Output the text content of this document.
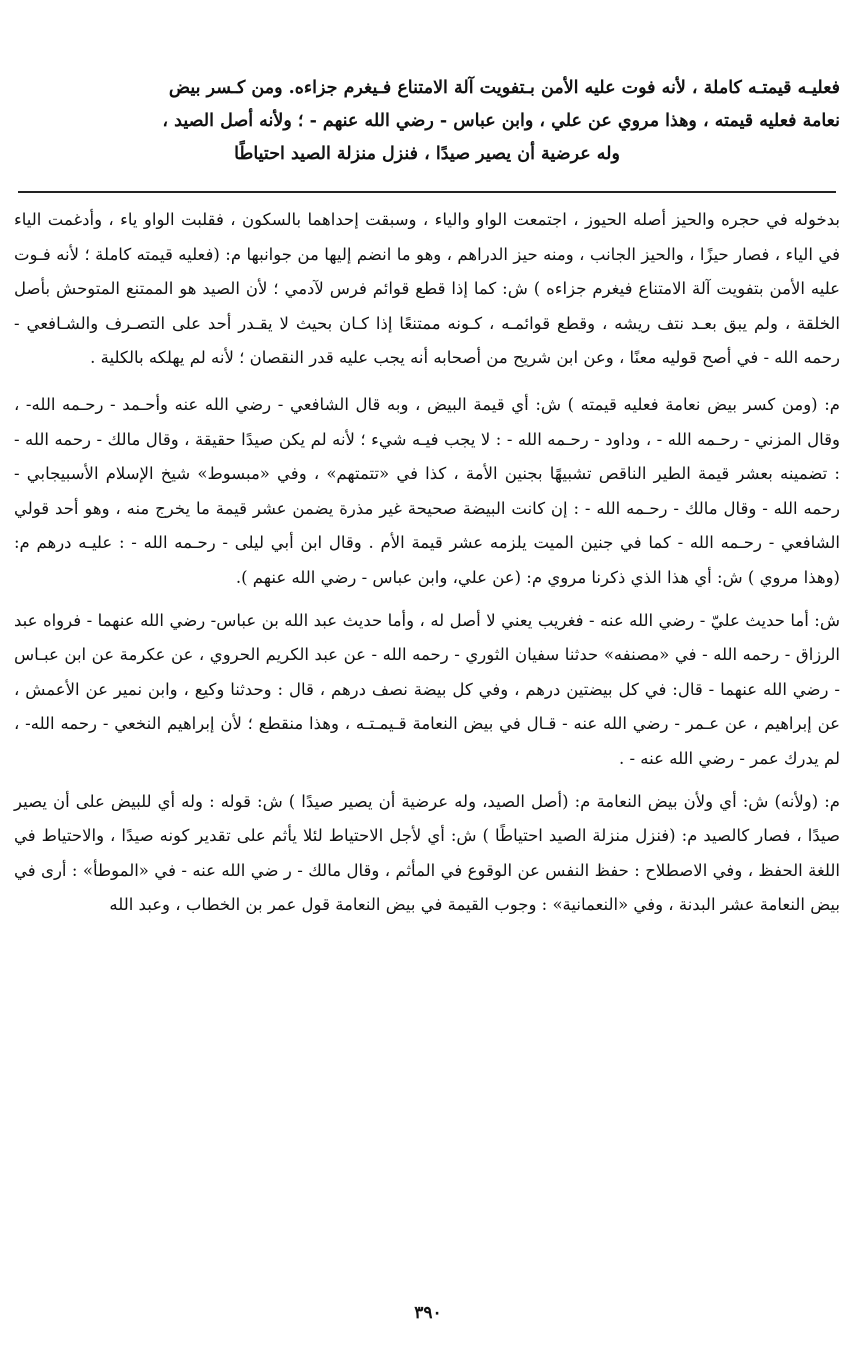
فعليـه قيمتـه كاملة ، لأنه فوت عليه الأمن بـتفويت آلة الامتناع فـيغرم جزاءه. ومن كـسر بيض

نعامة فعليه قيمته ، وهذا مروي عن علي ، وابن عباس - رضي الله عنهم - ؛ ولأنه أصل الصيد ،

وله عرضية أن يصير صيدًا ، فنزل منزلة الصيد احتياطًا

بدخوله في حجره والحيز أصله الحيوز ، اجتمعت الواو والياء ، وسبقت إحداهما بالسكون ، فقلبت الواو ياء ، وأدغمت الياء في الياء ، فصار حيزًا ، والحيز الجانب ، ومنه حيز الدراهم ، وهو ما انضم إليها من جوانبها م: (فعليه قيمته كاملة ؛ لأنه فـوت عليه الأمن بتفويت آلة الامتناع فيغرم جزاءه ) ش: كما إذا قطع قوائم فرس لآدمي ؛ لأن الصيد هو الممتنع المتوحش بأصل الخلقة ، ولم يبق بعـد نتف ريشه ، وقطع قوائمـه ، كـونه ممتنعًا إذا كـان بحيث لا يقـدر أحد على التصـرف والشـافعي - رحمه الله - في أصح قوليه معنًا ، وعن ابن شريح من أصحابه أنه يجب عليه قدر النقصان ؛ لأنه لم يهلكه بالكلية .

م: (ومن كسر بيض نعامة فعليه قيمته ) ش: أي قيمة البيض ، وبه قال الشافعي - رضي الله عنه وأحـمد - رحـمه الله- ، وقال المزني - رحـمه الله - ، وداود - رحـمه الله - : لا يجب فيـه شيء ؛ لأنه لم يكن صيدًا حقيقة ، وقال مالك - رحمه الله - : تضمينه بعشر قيمة الطير الناقص تشبيهًا بجنين الأمة ، كذا في «تتمتهم» ، وفي «مبسوط» شيخ الإسلام الأسبيجابي - رحمه الله - وقال مالك - رحـمه الله - : إن كانت البيضة صحيحة غير مذرة يضمن عشر قيمة ما يخرج منه ، وهو أحد قولي الشافعي - رحـمه الله - كما في جنين الميت يلزمه عشر قيمة الأم . وقال ابن أبي ليلى - رحـمه الله - : عليـه درهم م: (وهذا مروي ) ش: أي هذا الذي ذكرنا مروي م: (عن علي، وابن عباس - رضي الله عنهم ).

ش: أما حديث عليّ - رضي الله عنه - فغريب يعني لا أصل له ، وأما حديث عبد الله بن عباس- رضي الله عنهما - فرواه عبد الرزاق - رحمه الله - في «مصنفه» حدثنا سفيان الثوري - رحمه الله - عن عبد الكريم الحروي ، عن عكرمة عن ابن عبـاس - رضي الله عنهما - قال: في كل بيضتين درهم ، وفي كل بيضة نصف درهم ، قال : وحدثنا وكيع ، وابن نمير عن الأعمش ، عن إبراهيم ، عن عـمر - رضي الله عنه - قـال في بيض النعامة قـيمـتـه ، وهذا منقطع ؛ لأن إبراهيم النخعي - رحمه الله- ، لم يدرك عمر - رضي الله عنه - .

م: (ولأنه) ش: أي ولأن بيض النعامة م: (أصل الصيد، وله عرضية أن يصير صيدًا ) ش: قوله : وله أي للبيض على أن يصير صيدًا ، فصار كالصيد م: (فنزل منزلة الصيد احتياطًا ) ش: أي لأجل الاحتياط لئلا يأثم على تقدير كونه صيدًا ، والاحتياط في اللغة الحفظ ، وفي الاصطلاح : حفظ النفس عن الوقوع في المأثم ، وقال مالك - ر ضي الله عنه - في «الموطأ» : أرى في بيض النعامة عشر البدنة ، وفي «النعمانية» : وجوب القيمة في بيض النعامة قول عمر بن الخطاب ، وعبد الله

٣٩٠
